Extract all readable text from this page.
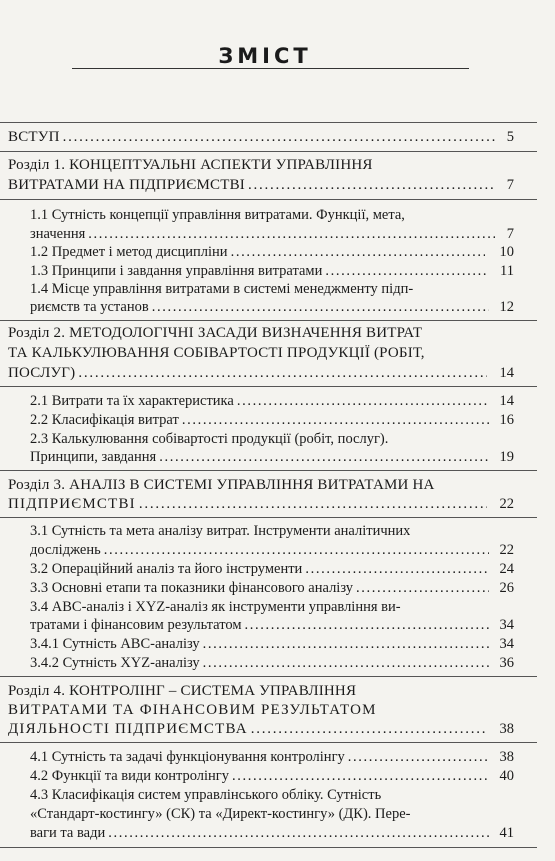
ЗМІСТ
ВСТУП . . .	5
Розділ 1. КОНЦЕПТУАЛЬНІ АСПЕКТИ УПРАВЛІННЯ
ВИТРАТАМИ НА ПІДПРИЄМСТВІ . . .	7
1.1 Сутність концепції управління витратами. Функції, мета,
значення . . .	7
1.2 Предмет і метод дисципліни . . .	10
1.3 Принципи і завдання управління витратами . . .	11
1.4 Місце управління витратами в системі менеджменту підп-
риємств та установ . . .	12
Розділ 2. МЕТОДОЛОГІЧНІ ЗАСАДИ ВИЗНАЧЕННЯ ВИТРАТ
ТА КАЛЬКУЛЮВАННЯ СОБІВАРТОСТІ ПРОДУКЦІЇ (РОБІТ,
ПОСЛУГ) . . .	14
2.1 Витрати та їх характеристика . . .	14
2.2 Класифікація витрат . . .	16
2.3 Калькулювання собівартості продукції (робіт, послуг).
Принципи, завдання . . .	19
Розділ 3. АНАЛІЗ В СИСТЕМІ УПРАВЛІННЯ ВИТРАТАМИ НА
ПІДПРИЄМСТВІ . . .	22
3.1 Сутність та мета аналізу витрат. Інструменти аналітичних
досліджень . . .	22
3.2 Операційний аналіз та його інструменти . . .	24
3.3 Основні етапи та показники фінансового аналізу . . .	26
3.4 АВС-аналіз і XYZ-аналіз як інструменти управління ви-
тратами і фінансовим результатом . . .	34
3.4.1 Сутність АВС-аналізу . . .	34
3.4.2 Сутність XYZ-аналізу . . .	36
Розділ 4. КОНТРОЛІНГ – СИСТЕМА УПРАВЛІННЯ
ВИТРАТАМИ ТА ФІНАНСОВИМ РЕЗУЛЬТАТОМ
ДІЯЛЬНОСТІ ПІДПРИЄМСТВА . . .	38
4.1 Сутність та задачі функціонування контролінгу . . .	38
4.2 Функції та види контролінгу . . .	40
4.3 Класифікація систем управлінського обліку. Сутність
«Стандарт-костингу» (СК) та «Директ-костингу» (ДК). Пере-
ваги та вади . . .	41
